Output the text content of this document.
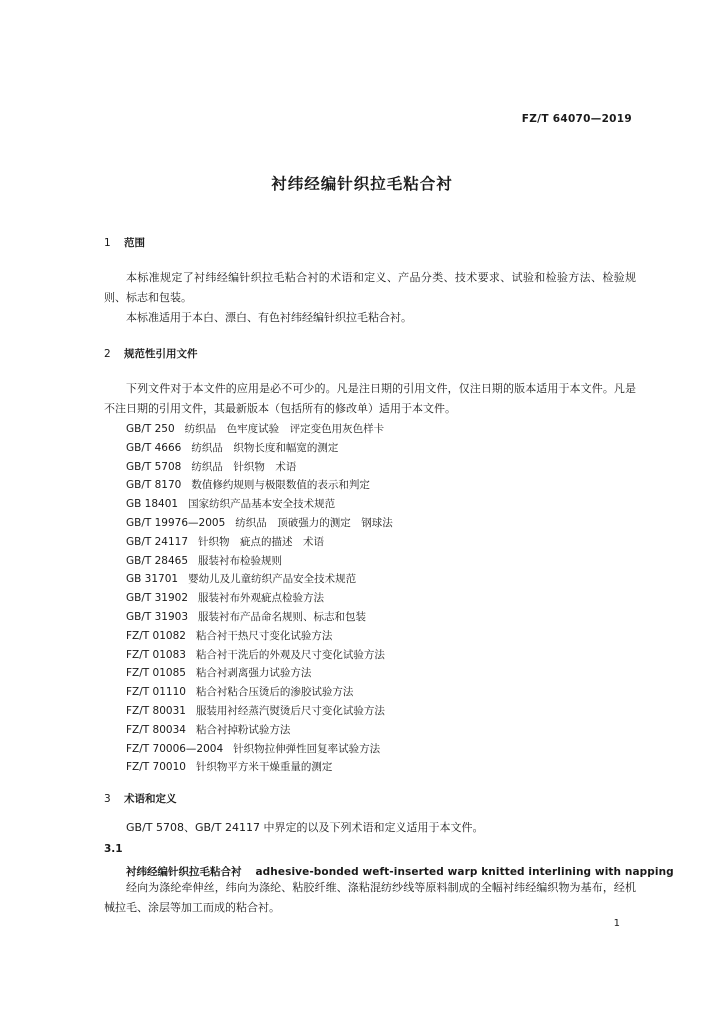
FZ/T 64070—2019
衬纬经编针织拉毛粘合衬
1 范围
本标准规定了衬纬经编针织拉毛粘合衬的术语和定义、产品分类、技术要求、试验和检验方法、检验规则、标志和包装。
本标准适用于本白、漂白、有色衬纬经编针织拉毛粘合衬。
2 规范性引用文件
下列文件对于本文件的应用是必不可少的。凡是注日期的引用文件，仅注日期的版本适用于本文件。凡是不注日期的引用文件，其最新版本（包括所有的修改单）适用于本文件。
GB/T 250 纺织品　色牢度试验　评定变色用灰色样卡
GB/T 4666 纺织品　织物长度和幅宽的测定
GB/T 5708 纺织品　针织物　术语
GB/T 8170 数值修约规则与极限数值的表示和判定
GB 18401 国家纺织产品基本安全技术规范
GB/T 19976—2005 纺织品　顶破强力的测定　钢球法
GB/T 24117 针织物　疵点的描述　术语
GB/T 28465 服装衬布检验规则
GB 31701 婴幼儿及儿童纺织产品安全技术规范
GB/T 31902 服装衬布外观疵点检验方法
GB/T 31903 服装衬布产品命名规则、标志和包装
FZ/T 01082 粘合衬干热尺寸变化试验方法
FZ/T 01083 粘合衬干洗后的外观及尺寸变化试验方法
FZ/T 01085 粘合衬剥离强力试验方法
FZ/T 01110 粘合衬粘合压烫后的渗胶试验方法
FZ/T 80031 服装用衬经蒸汽熨烫后尺寸变化试验方法
FZ/T 80034 粘合衬掉粉试验方法
FZ/T 70006—2004 针织物拉伸弹性回复率试验方法
FZ/T 70010 针织物平方米干燥重量的测定
3 术语和定义
GB/T 5708、GB/T 24117 中界定的以及下列术语和定义适用于本文件。
3.1
衬纬经编针织拉毛粘合衬 adhesive-bonded weft-inserted warp knitted interlining with napping
经向为涤纶牵伸丝，纬向为涤纶、粘胶纤维、涤粘混纺纱线等原料制成的全幅衬纬经编织物为基布，经机械拉毛、涂层等加工而成的粘合衬。
1
